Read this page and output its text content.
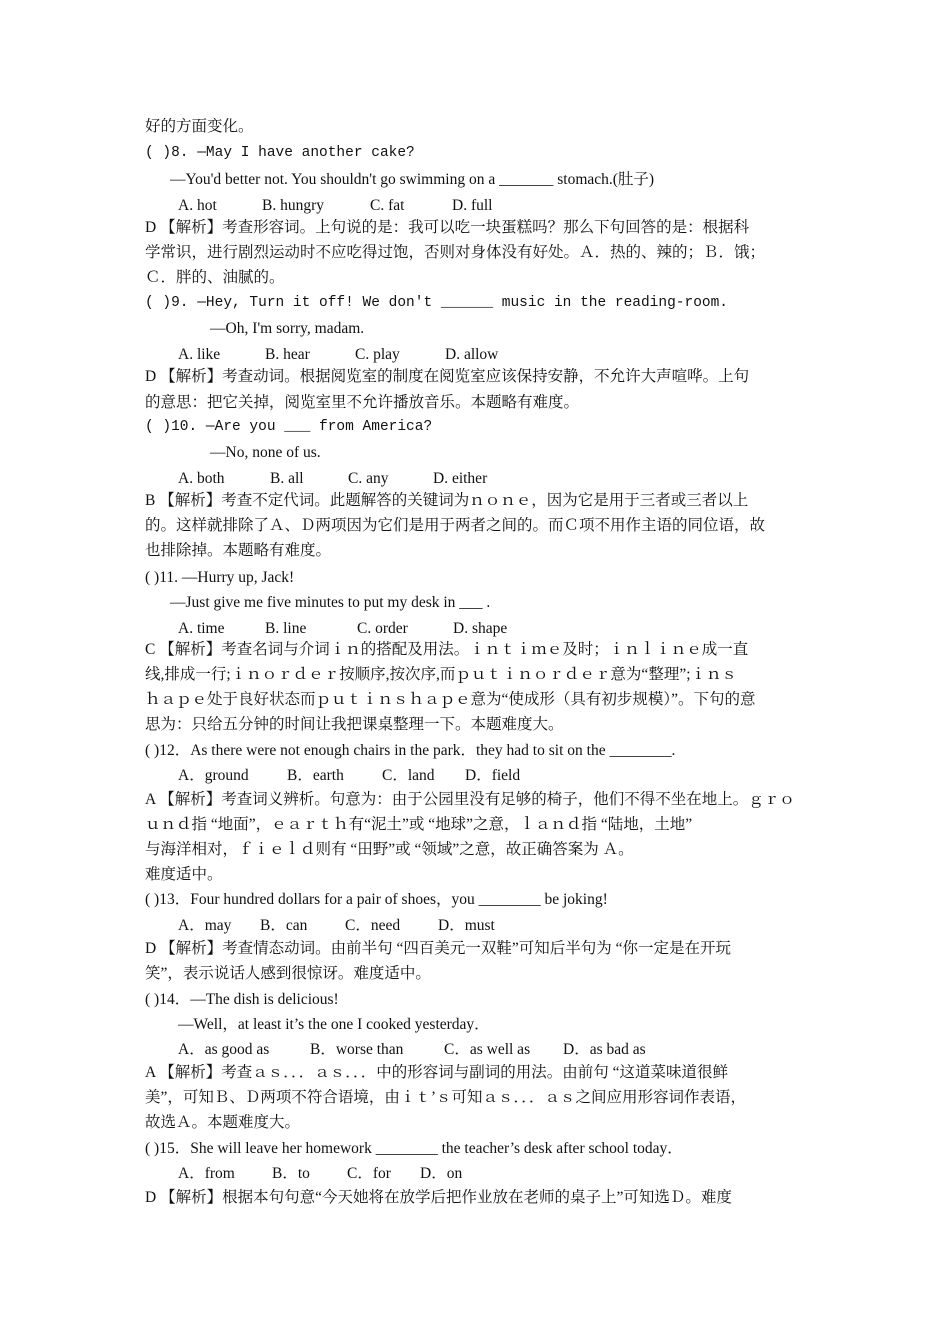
好的方面变化。
( )8. —May I have another cake?
—You'd better not. You shouldn't go swimming on a _______ stomach.(肚子)
A. hot	B. hungry	C. fat	D. full
D 【解析】考查形容词。上句说的是：我可以吃一块蛋糕吗？那么下句回答的是：根据科
学常识，进行剧烈运动时不应吃得过饱，否则对身体没有好处。Ａ．热的、辣的；Ｂ．饿；
Ｃ．胖的、油腻的。
( )9. —Hey, Turn it off! We don't ______ music in the reading-room.
—Oh, I'm sorry, madam.
A. like	B. hear	C. play	D. allow
D 【解析】考查动词。根据阅览室的制度在阅览室应该保持安静，不允许大声喧哗。上句
的意思：把它关掉，阅览室里不允许播放音乐。本题略有难度。
( )10. —Are you ___ from America?
—No, none of us.
A. both	B. all	C. any	D. either
B 【解析】考查不定代词。此题解答的关键词为ｎｏｎｅ，因为它是用于三者或三者以上
的。这样就排除了Ａ、Ｄ两项因为它们是用于两者之间的。而Ｃ项不用作主语的同位语，故
也排除掉。本题略有难度。
( )11. —Hurry up, Jack!
—Just give me five minutes to put my desk in ___ .
A. time	B. line	C. order	D. shape
C 【解析】考查名词与介词ｉｎ的搭配及用法。ｉｎｔｉｍｅ及时；ｉｎｌｉｎｅ成一直
线,排成一行;ｉｎｏｒｄｅｒ按顺序,按次序,而ｐｕｔｉｎｏｒｄｅｒ意为“整理”;ｉｎｓ
ｈａｐｅ处于良好状态而ｐｕｔｉｎｓｈａｐｅ意为“使成形（具有初步规模）”。下句的意
思为：只给五分钟的时间让我把课桌整理一下。本题难度大。
( )12．As there were not enough chairs in the park．they had to sit on the ________.
A．ground B．earth C．land D．field
A 【解析】考查词义辨析。句意为：由于公园里没有足够的椅子，他们不得不坐在地上。ｇｒｏ
ｕｎｄ指 “地面”，ｅａｒｔｈ有“泥土”或 “地球”之意，ｌａｎｄ指 “陆地，土地”
与海洋相对，ｆｉｅｌｄ则有 “田野”或 “领域”之意，故正确答案为 Ａ。
难度适中。
( )13．Four hundred dollars for a pair of shoes，you ________ be joking!
A．may B．can C．need D．must
D 【解析】考查情态动词。由前半句 “四百美元一双鞋”可知后半句为 “你一定是在开玩
笑”，表示说话人感到很惊讶。难度适中。
( )14．—The dish is delicious!
—Well，at least it’s the one I cooked yesterday．
A．as good as	B．worse than	C．as well as D．as bad as
A 【解析】考查ａｓ．．．ａｓ．．．中的形容词与副词的用法。由前句 “这道菜味道很鲜
美”，可知Ｂ、Ｄ两项不符合语境，由ｉｔ’ｓ可知ａｓ．．．ａｓ之间应用形容词作表语，
故选Ａ。本题难度大。
( )15．She will leave her homework ________ the teacher’s desk after school today．
A．from B．to C．for D．on
D 【解析】根据本句句意“今天她将在放学后把作业放在老师的桌子上”可知选Ｄ。难度
